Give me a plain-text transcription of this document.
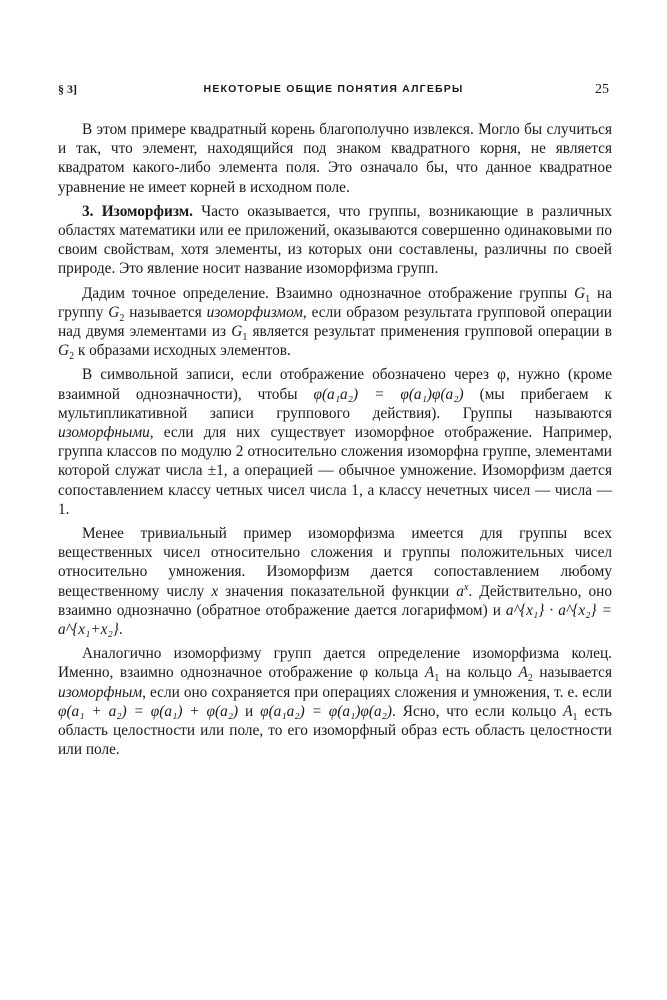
§ 3]	НЕКОТОРЫЕ ОБЩИЕ ПОНЯТИЯ АЛГЕБРЫ	25

В этом примере квадратный корень благополучно извлекся. Могло бы случиться и так, что элемент, находящийся под знаком квадратного корня, не является квадратом какого-либо элемента поля. Это означало бы, что данное квадратное уравнение не имеет корней в исходном поле.

3. Изоморфизм. Часто оказывается, что группы, возникающие в различных областях математики или ее приложений, оказываются совершенно одинаковыми по своим свойствам, хотя элементы, из которых они составлены, различны по своей природе. Это явление носит название изоморфизма групп.

Дадим точное определение. Взаимно однозначное отображение группы $G_1$ на группу $G_2$ называется изоморфизмом, если образом результата групповой операции над двумя элементами из $G_1$ является результат применения групповой операции в $G_2$ к образами исходных элементов.

В символьной записи, если отображение обозначено через φ, нужно (кроме взаимной однозначности), чтобы φ(a₁a₂) = φ(a₁)φ(a₂) (мы прибегаем к мультипликативной записи группового действия). Группы называются изоморфными, если для них существует изоморфное отображение. Например, группа классов по модулю 2 относительно сложения изоморфна группе, элементами которой служат числа ±1, а операцией — обычное умножение. Изоморфизм дается сопоставлением классу четных чисел числа 1, а классу нечетных чисел — числа —1.

Менее тривиальный пример изоморфизма имеется для группы всех вещественных чисел относительно сложения и группы положительных чисел относительно умножения. Изоморфизм дается сопоставлением любому вещественному числу x значения показательной функции $a^x$. Действительно, оно взаимно однозначно (обратное отображение дается логарифмом) и a^{x₁} · a^{x₂} = a^{x₁+x₂}.

Аналогично изоморфизму групп дается определение изоморфизма колец. Именно, взаимно однозначное отображение φ кольца $A_1$ на кольцо $A_2$ называется изоморфным, если оно сохраняется при операциях сложения и умножения, т. е. если φ(a₁ + a₂) = φ(a₁) + φ(a₂) и φ(a₁a₂) = φ(a₁)φ(a₂). Ясно, что если кольцо $A_1$ есть область целостности или поле, то его изоморфный образ есть область целостности или поле.
